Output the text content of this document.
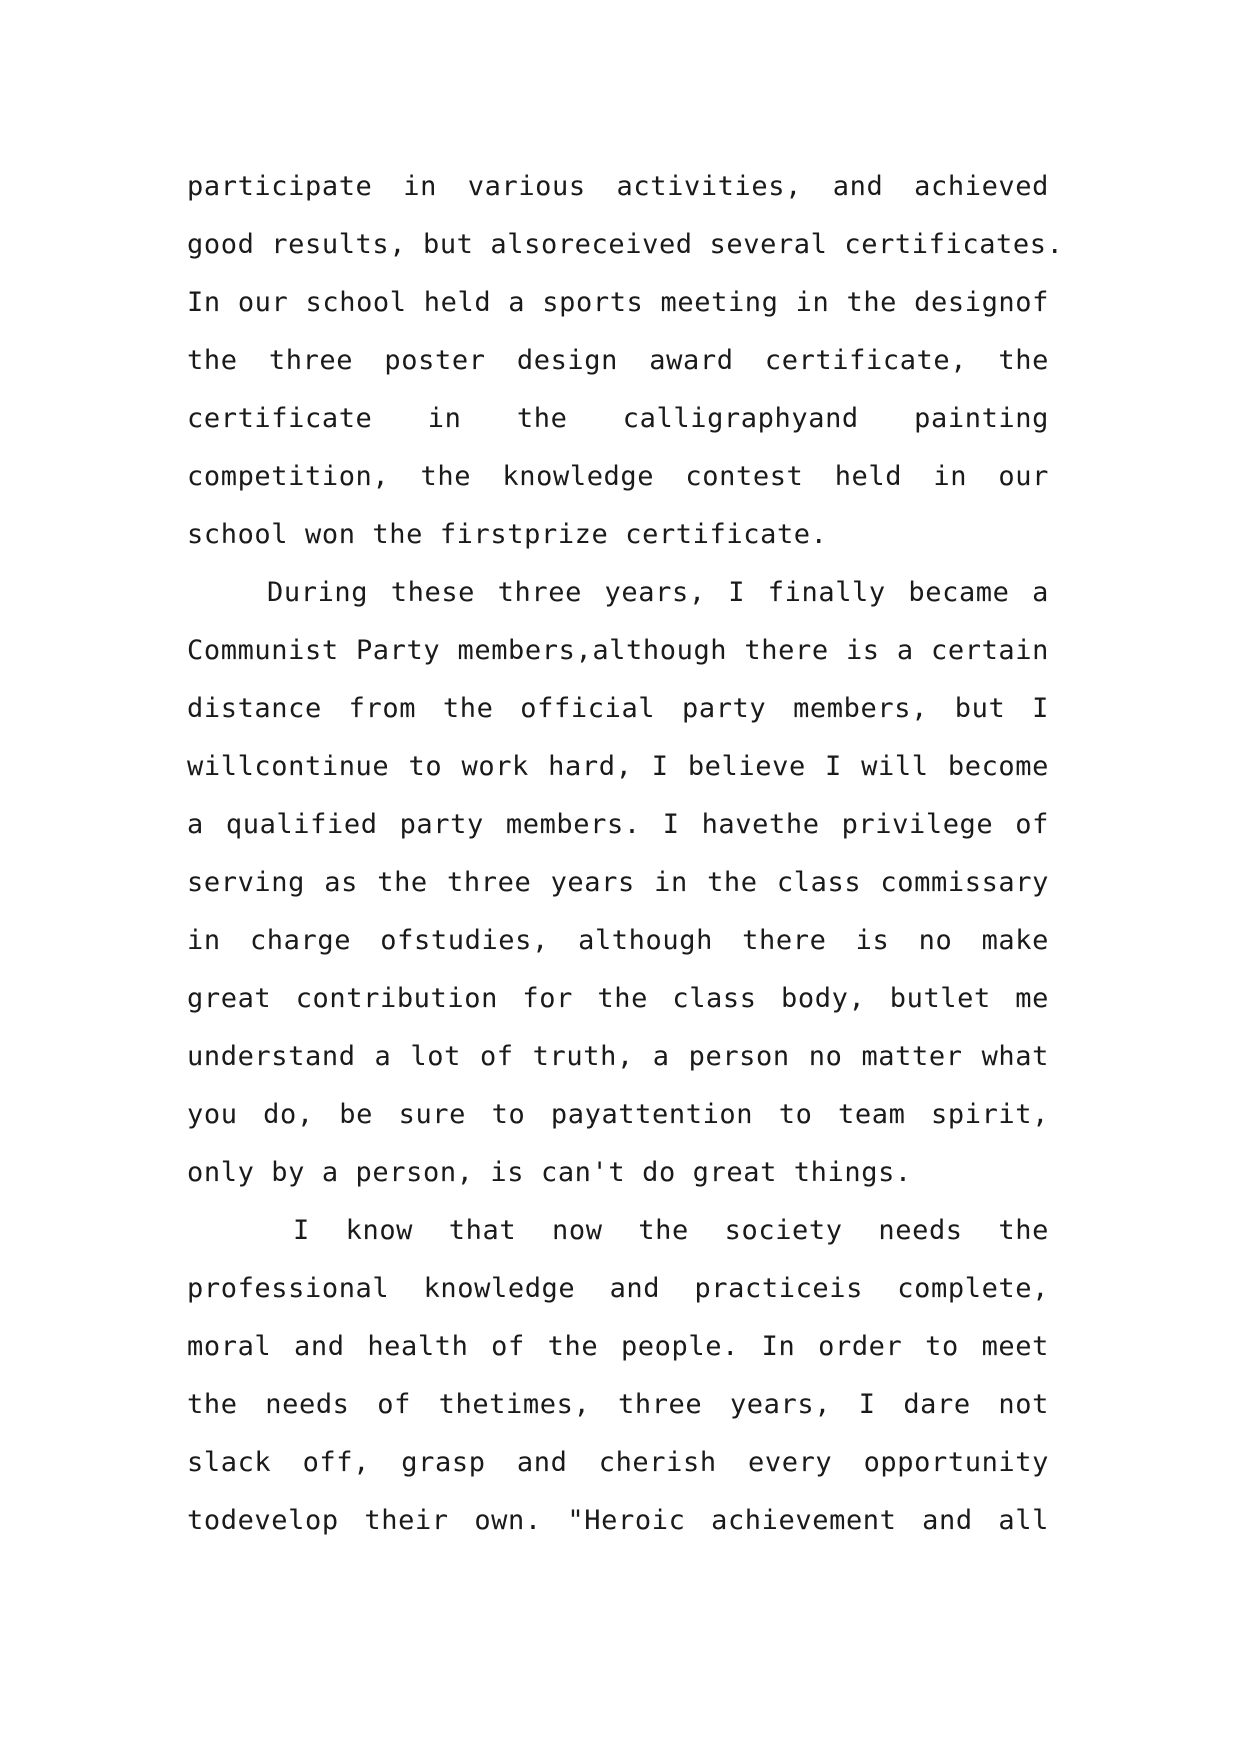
participate in various activities, and achieved
good results, but alsoreceived several certificates.
In our school held a sports meeting in the designof
the three poster design award certificate, the
certificate in the calligraphyand painting
competition, the knowledge contest held in our
school won the firstprize certificate.
During these three years, I finally became a
Communist Party members,although there is a certain
distance from the official party members, but I
willcontinue to work hard, I believe I will become
a qualified party members. I havethe privilege of
serving as the three years in the class commissary
in charge ofstudies, although there is no make
great contribution for the class body, butlet me
understand a lot of truth, a person no matter what
you do, be sure to payattention to team spirit,
only by a person, is can't do great things.
I know that now the society needs the
professional knowledge and practiceis complete,
moral and health of the people. In order to meet
the needs of thetimes, three years, I dare not
slack off, grasp and cherish every opportunity
todevelop their own. "Heroic achievement and all
